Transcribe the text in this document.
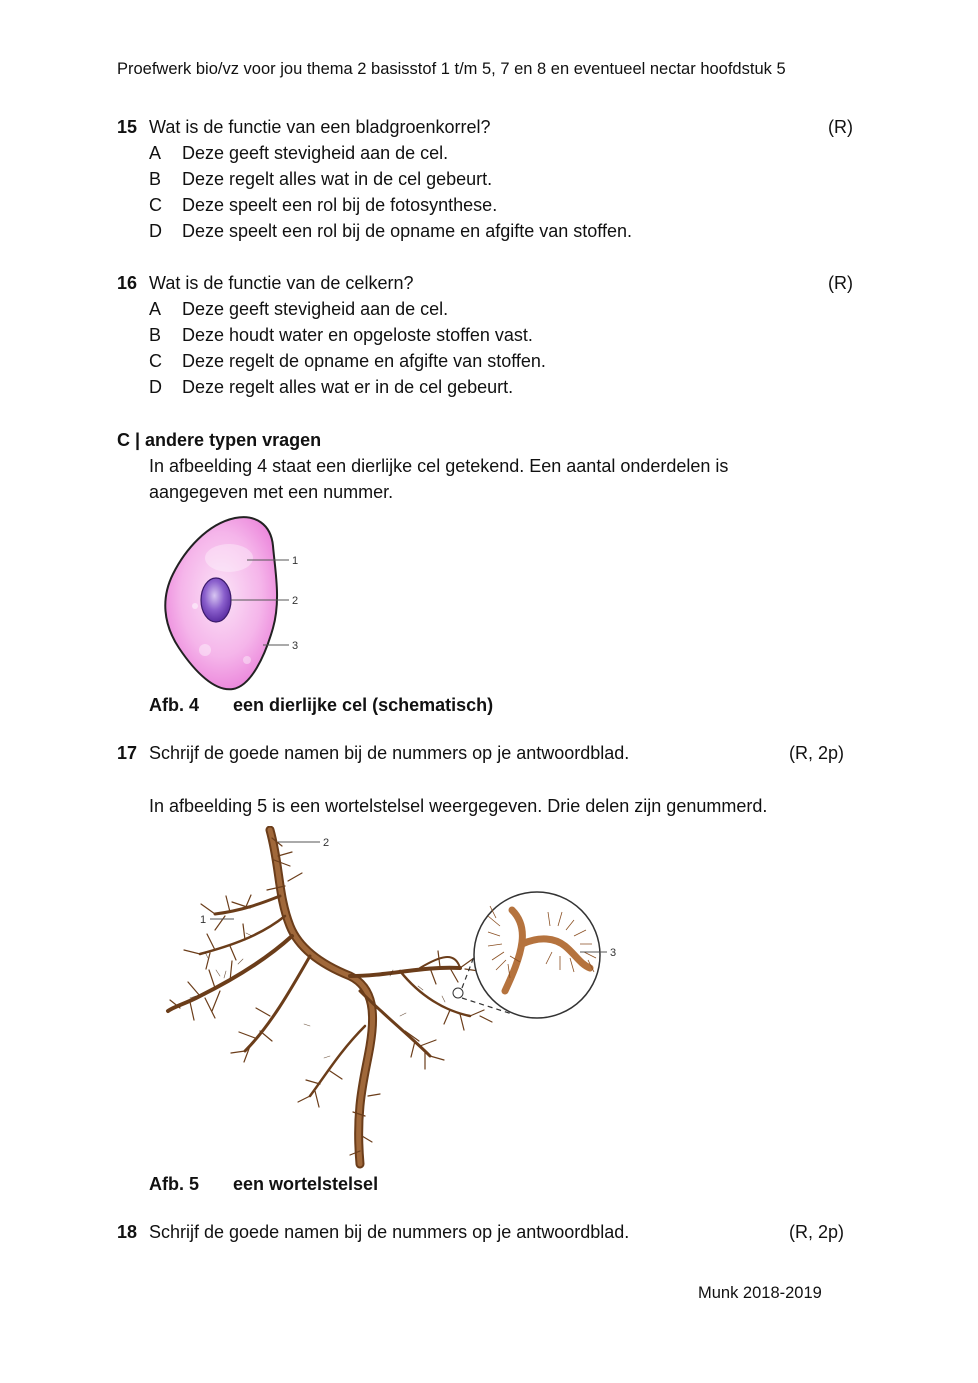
Proefwerk bio/vz voor jou thema 2 basisstof 1 t/m 5, 7 en 8 en eventueel nectar hoofdstuk 5
15 Wat is de functie van een bladgroenkorrel?	(R)
A Deze geeft stevigheid aan de cel.
B Deze regelt alles wat in de cel gebeurt.
C Deze speelt een rol bij de fotosynthese.
D Deze speelt een rol bij de opname en afgifte van stoffen.
16 Wat is de functie van de celkern?	(R)
A Deze geeft stevigheid aan de cel.
B Deze houdt water en opgeloste stoffen vast.
C Deze regelt de opname en afgifte van stoffen.
D Deze regelt alles wat er in de cel gebeurt.
C | andere typen vragen
In afbeelding 4 staat een dierlijke cel getekend. Een aantal onderdelen is
aangegeven met een nummer.
1
2
3
Afb. 4 een dierlijke cel (schematisch)
17 Schrijf de goede namen bij de nummers op je antwoordblad.	(R, 2p)
In afbeelding 5 is een wortelstelsel weergegeven. Drie delen zijn genummerd.
1
2
3
Afb. 5 een wortelstelsel
18 Schrijf de goede namen bij de nummers op je antwoordblad.	(R, 2p)
Munk 2018-2019
